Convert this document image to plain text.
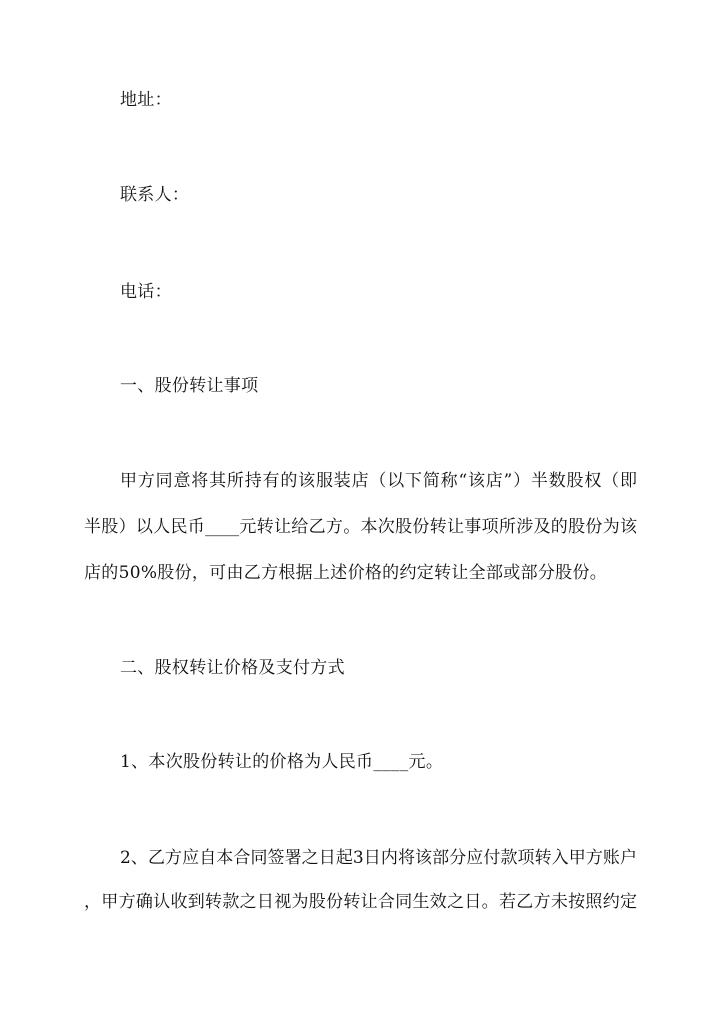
地址：
联系人：
电话：
一、股份转让事项
甲方同意将其所持有的该服装店（以下简称“该店”）半数股权（即
半股）以人民币____元转让给乙方。本次股份转让事项所涉及的股份为该
店的50%股份，可由乙方根据上述价格的约定转让全部或部分股份。
二、股权转让价格及支付方式
1、本次股份转让的价格为人民币____元。
2、乙方应自本合同签署之日起3日内将该部分应付款项转入甲方账户
，甲方确认收到转款之日视为股份转让合同生效之日。若乙方未按照约定
